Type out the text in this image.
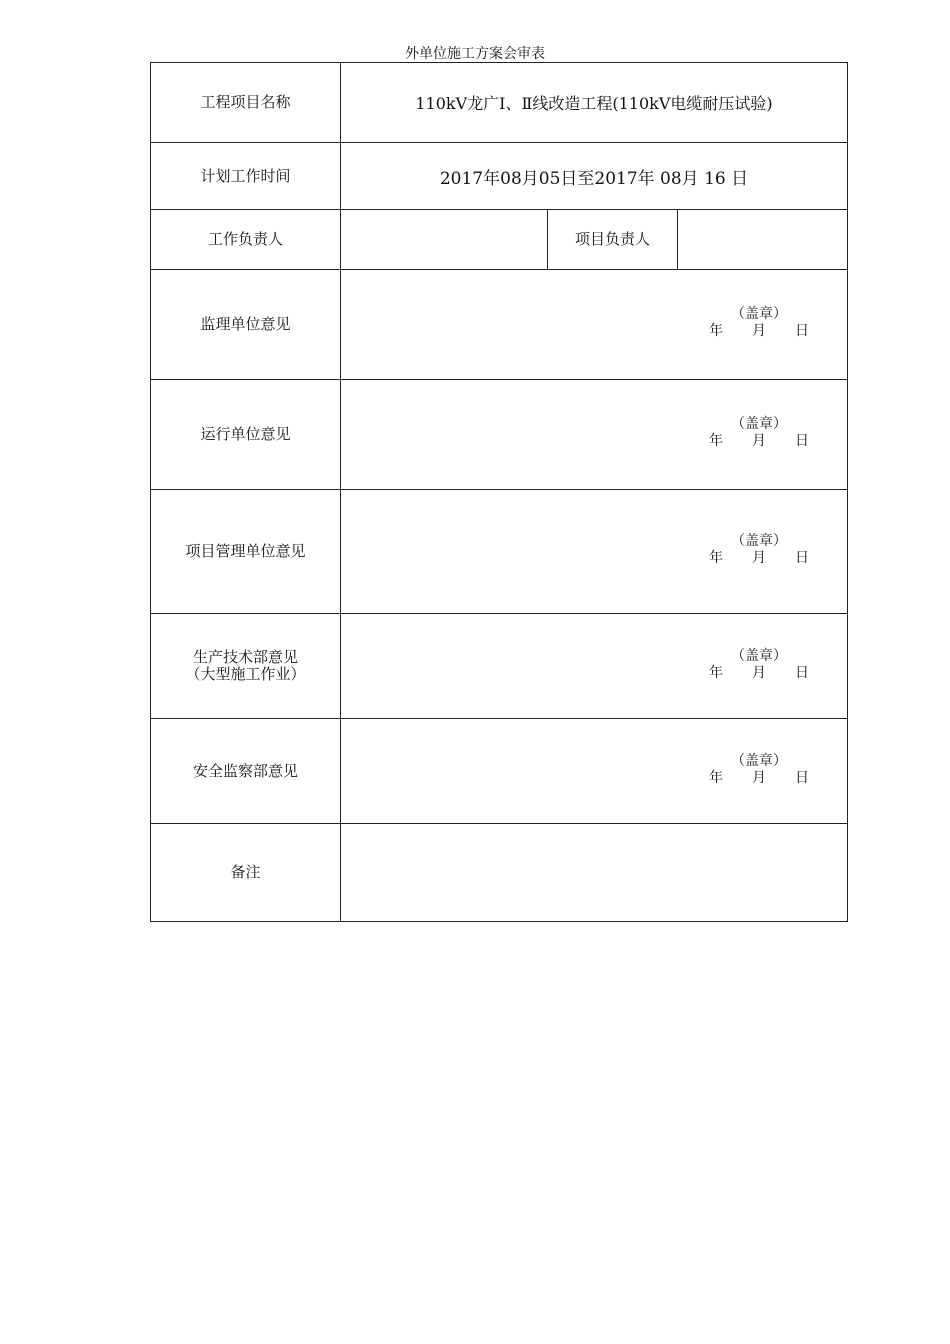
外单位施工方案会审表
工程项目名称	110kV龙广Ⅰ、Ⅱ线改造工程(110kV电缆耐压试验)		
计划工作时间	2017年08月05日至2017年 08月 16 日		
工作负责人		项目负责人	
监理单位意见	（盖章）
年 月 日		

运行单位意见	（盖章）
年 月 日		

项目管理单位意见	（盖章）
年 月 日		

生产技术部意见
（大型施工作业）	（盖章）
年 月 日		

安全监察部意见	（盖章）
年 月 日		

备注			
